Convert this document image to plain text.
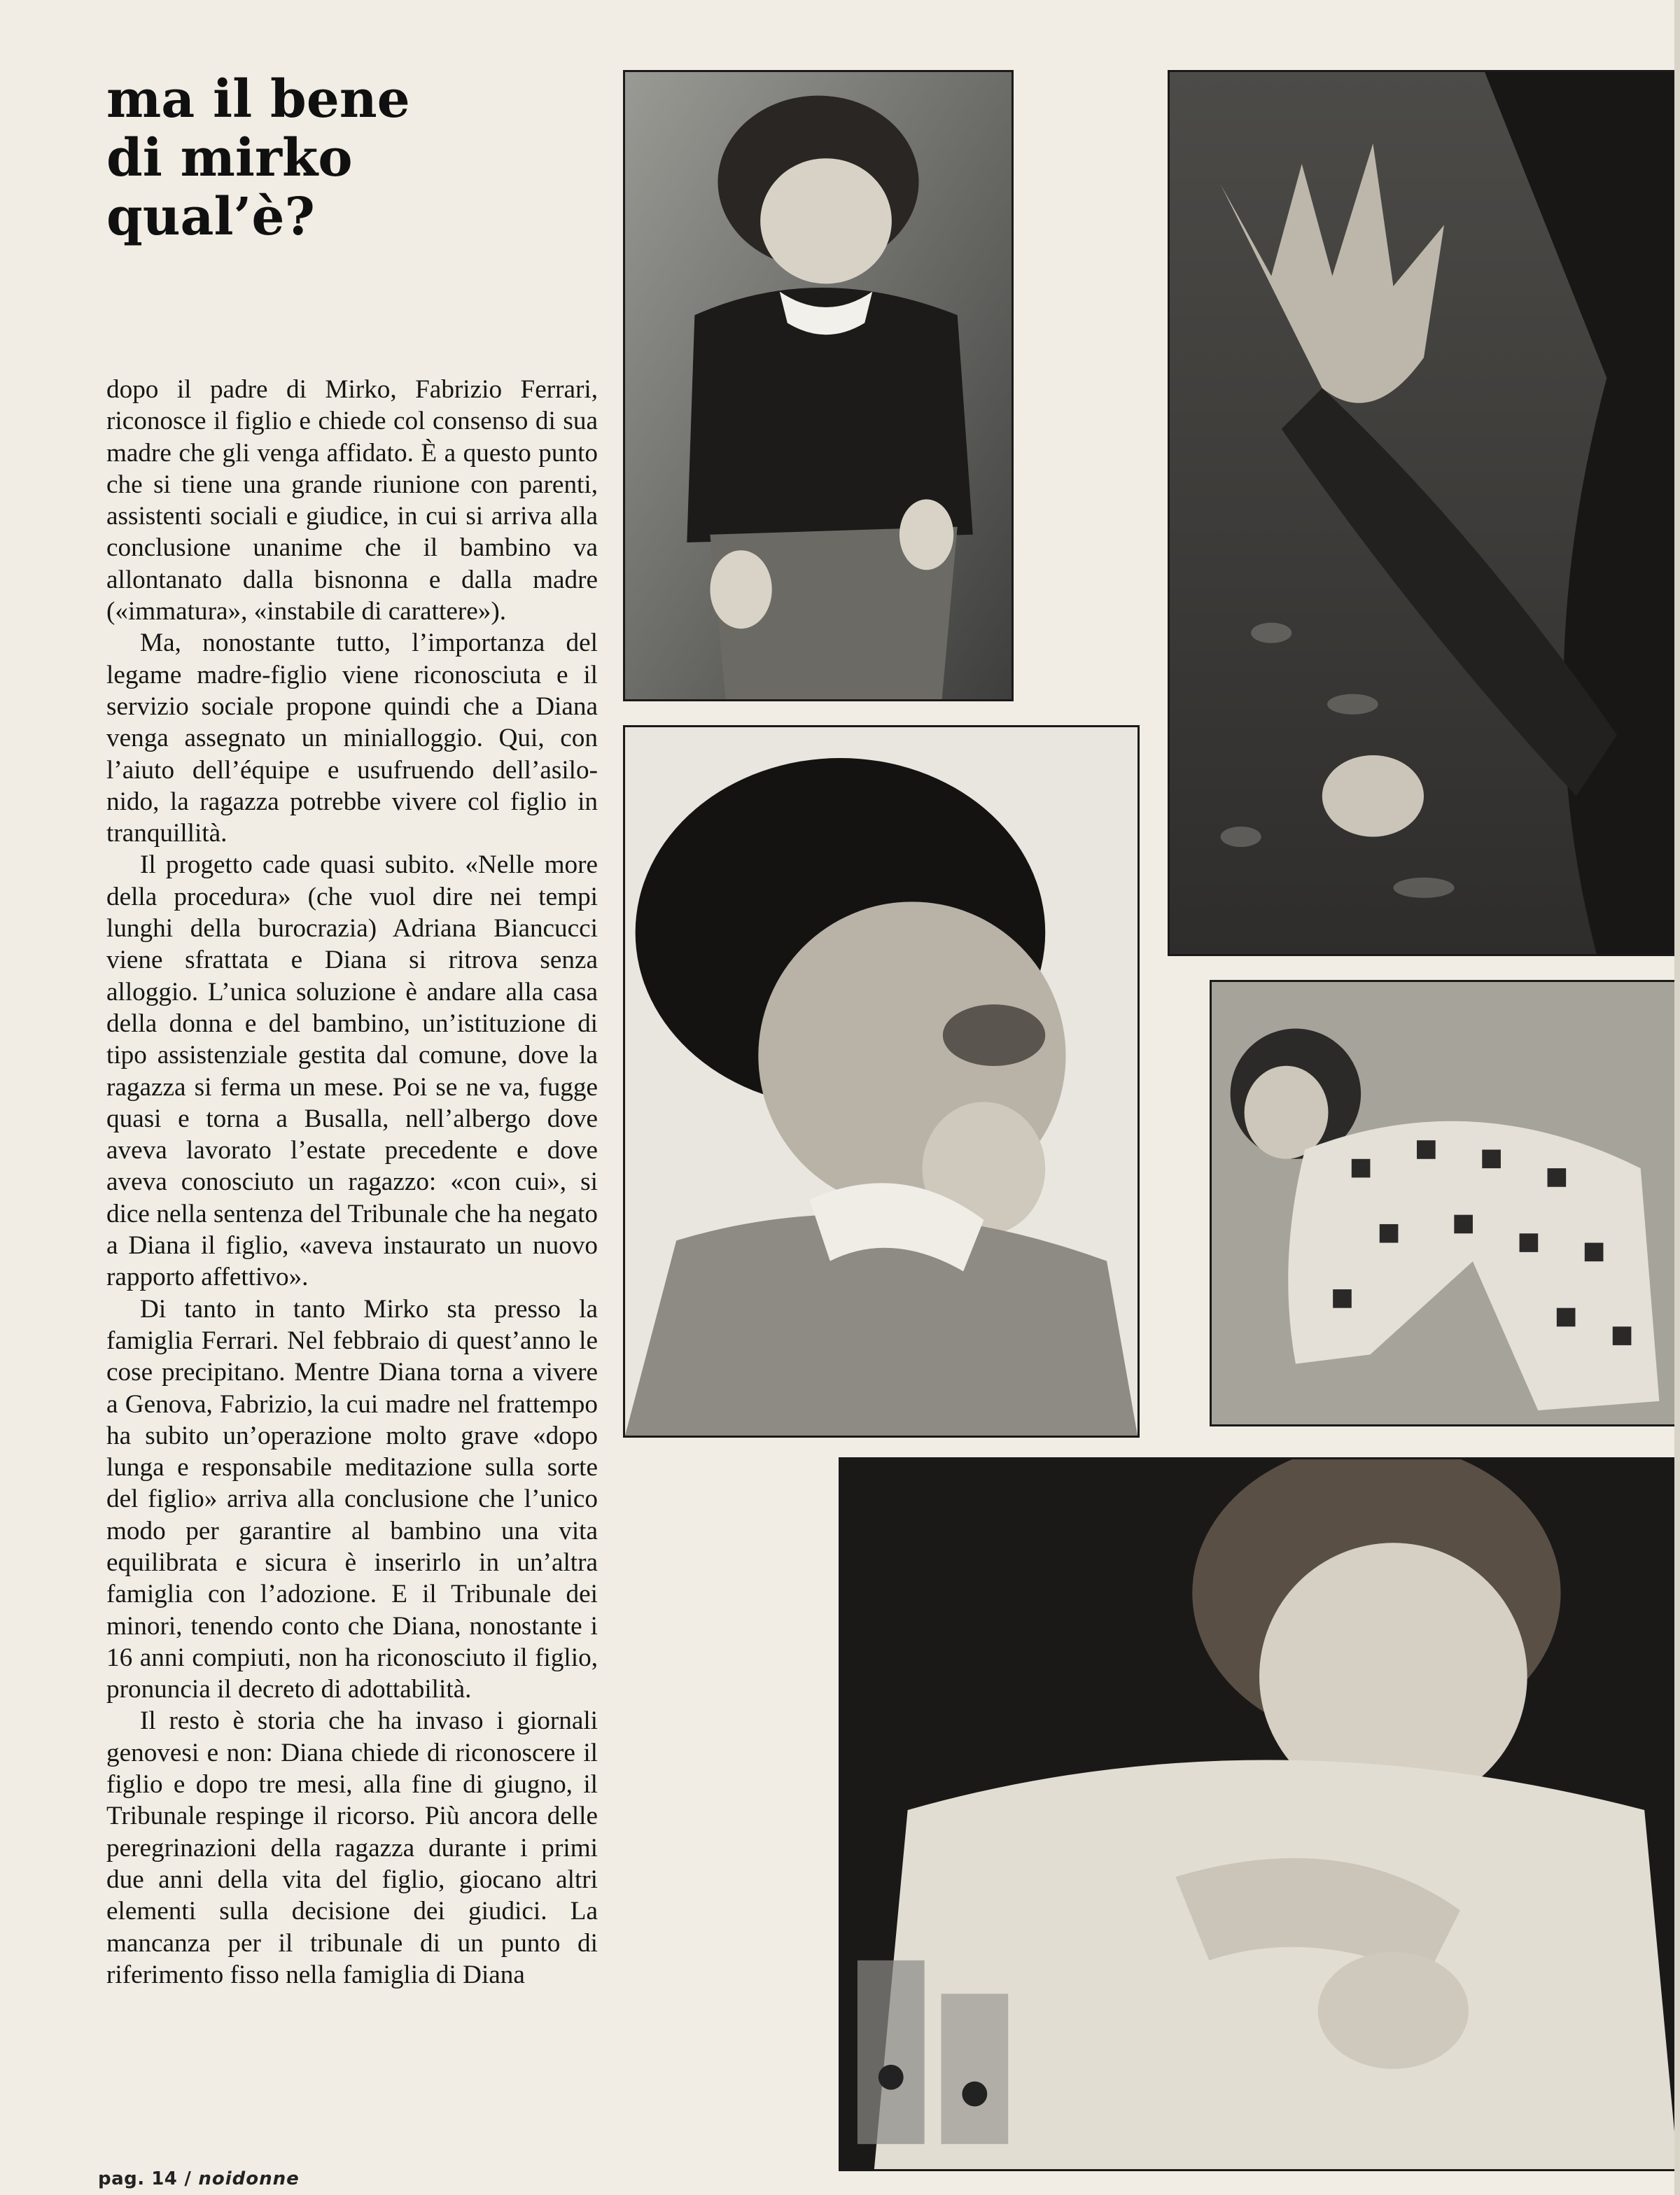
ma il bene
di mirko
qual’è?

dopo il padre di Mirko, Fabrizio Ferrari, riconosce il figlio e chiede col consenso di sua madre che gli venga affidato. È a questo punto che si tiene una grande riunione con parenti, assistenti sociali e giudice, in cui si arriva alla conclusione unanime che il bambino va allontanato dalla bisnonna e dalla madre («immatura», «instabile di carattere»).

Ma, nonostante tutto, l’importanza del legame madre-figlio viene riconosciuta e il servizio sociale propone quindi che a Diana venga assegnato un minialloggio. Qui, con l’aiuto dell’équipe e usufruendo dell’asilo-nido, la ragazza potrebbe vivere col figlio in tranquillità.

Il progetto cade quasi subito. «Nelle more della procedura» (che vuol dire nei tempi lunghi della burocrazia) Adriana Biancucci viene sfrattata e Diana si ritrova senza alloggio. L’unica soluzione è andare alla casa della donna e del bambino, un’istituzione di tipo assistenziale gestita dal comune, dove la ragazza si ferma un mese. Poi se ne va, fugge quasi e torna a Busalla, nell’albergo dove aveva lavorato l’estate precedente e dove aveva conosciuto un ragazzo: «con cui», si dice nella sentenza del Tribunale che ha negato a Diana il figlio, «aveva instaurato un nuovo rapporto affettivo».

Di tanto in tanto Mirko sta presso la famiglia Ferrari. Nel febbraio di quest’anno le cose precipitano. Mentre Diana torna a vivere a Genova, Fabrizio, la cui madre nel frattempo ha subito un’operazione molto grave «dopo lunga e responsabile meditazione sulla sorte del figlio» arriva alla conclusione che l’unico modo per garantire al bambino una vita equilibrata e sicura è inserirlo in un’altra famiglia con l’adozione. E il Tribunale dei minori, tenendo conto che Diana, nonostante i 16 anni compiuti, non ha riconosciuto il figlio, pronuncia il decreto di adottabilità.

Il resto è storia che ha invaso i giornali genovesi e non: Diana chiede di riconoscere il figlio e dopo tre mesi, alla fine di giugno, il Tribunale respinge il ricorso. Più ancora delle peregrinazioni della ragazza durante i primi due anni della vita del figlio, giocano altri elementi sulla decisione dei giudici. La mancanza per il tribunale di un punto di riferimento fisso nella famiglia di Diana

pag. 14 / noidonne
